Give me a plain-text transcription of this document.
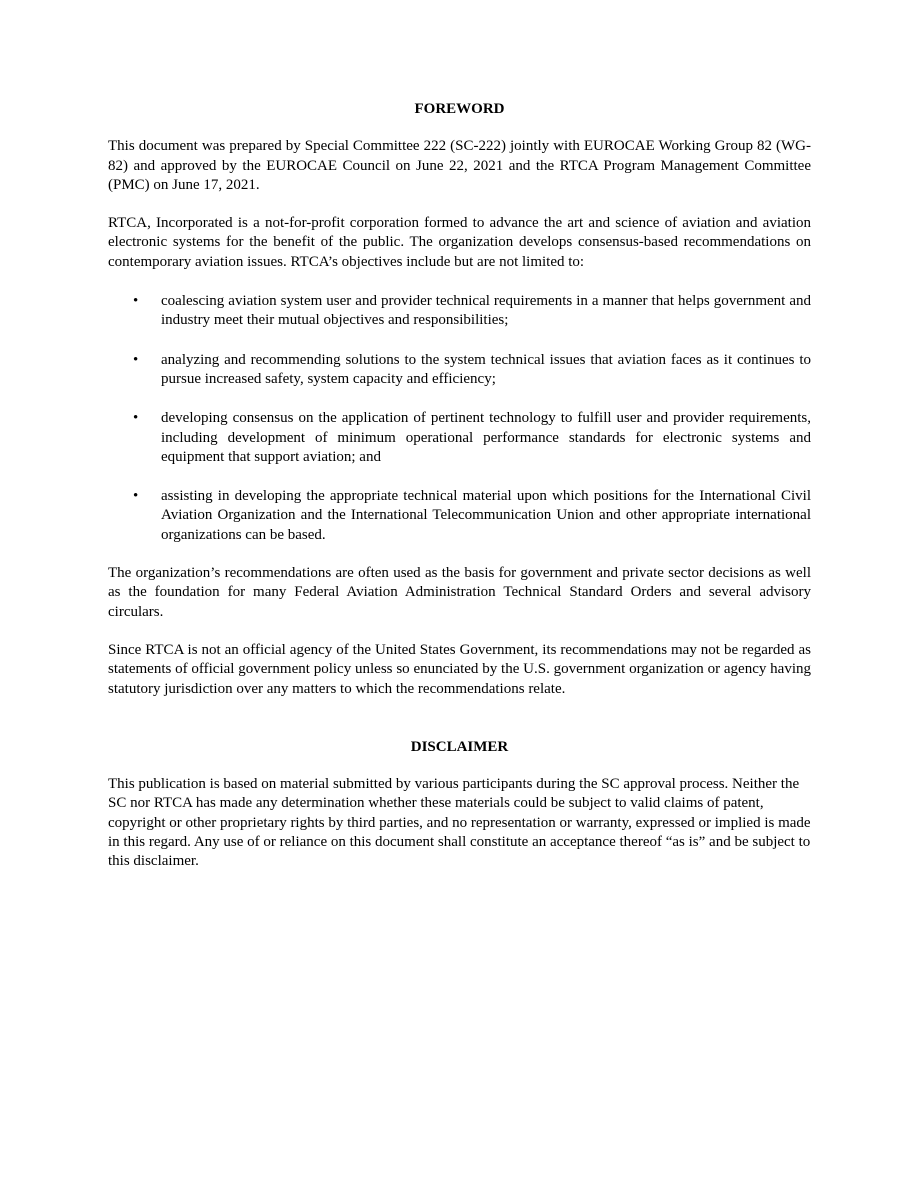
FOREWORD

This document was prepared by Special Committee 222 (SC-222) jointly with EUROCAE Working Group 82 (WG-82) and approved by the EUROCAE Council on June 22, 2021 and the RTCA Program Management Committee (PMC) on June 17, 2021.

RTCA, Incorporated is a not-for-profit corporation formed to advance the art and science of aviation and aviation electronic systems for the benefit of the public. The organization develops consensus-based recommendations on contemporary aviation issues. RTCA’s objectives include but are not limited to:

• coalescing aviation system user and provider technical requirements in a manner that helps government and industry meet their mutual objectives and responsibilities;
• analyzing and recommending solutions to the system technical issues that aviation faces as it continues to pursue increased safety, system capacity and efficiency;
• developing consensus on the application of pertinent technology to fulfill user and provider requirements, including development of minimum operational performance standards for electronic systems and equipment that support aviation; and
• assisting in developing the appropriate technical material upon which positions for the International Civil Aviation Organization and the International Telecommunication Union and other appropriate international organizations can be based.

The organization’s recommendations are often used as the basis for government and private sector decisions as well as the foundation for many Federal Aviation Administration Technical Standard Orders and several advisory circulars.

Since RTCA is not an official agency of the United States Government, its recommendations may not be regarded as statements of official government policy unless so enunciated by the U.S. government organization or agency having statutory jurisdiction over any matters to which the recommendations relate.

DISCLAIMER

This publication is based on material submitted by various participants during the SC approval process. Neither the SC nor RTCA has made any determination whether these materials could be subject to valid claims of patent, copyright or other proprietary rights by third parties, and no representation or warranty, expressed or implied is made in this regard. Any use of or reliance on this document shall constitute an acceptance thereof “as is” and be subject to this disclaimer.
